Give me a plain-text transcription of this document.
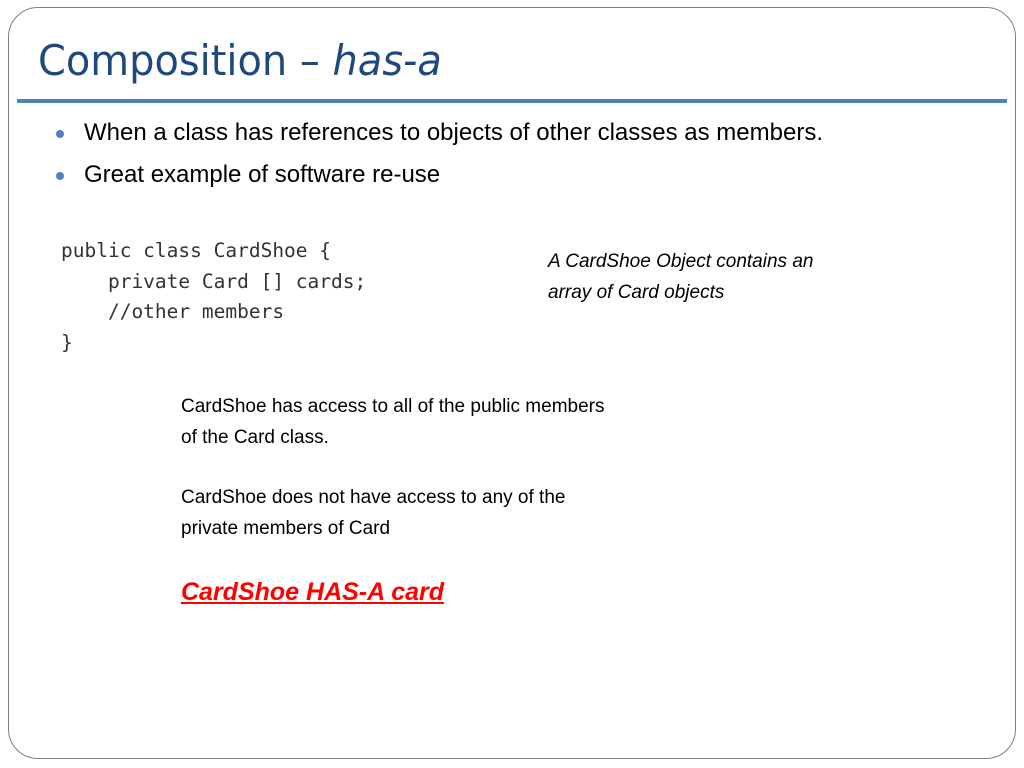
Composition – has-a
When a class has references to objects of other classes as members.
Great example of software re-use
public class CardShoe {
private Card [] cards;
//other members
}
A CardShoe Object contains an
array of Card objects
CardShoe has access to all of the public members
of the Card class.
CardShoe does not have access to any of the
private members of Card
CardShoe HAS-A card
